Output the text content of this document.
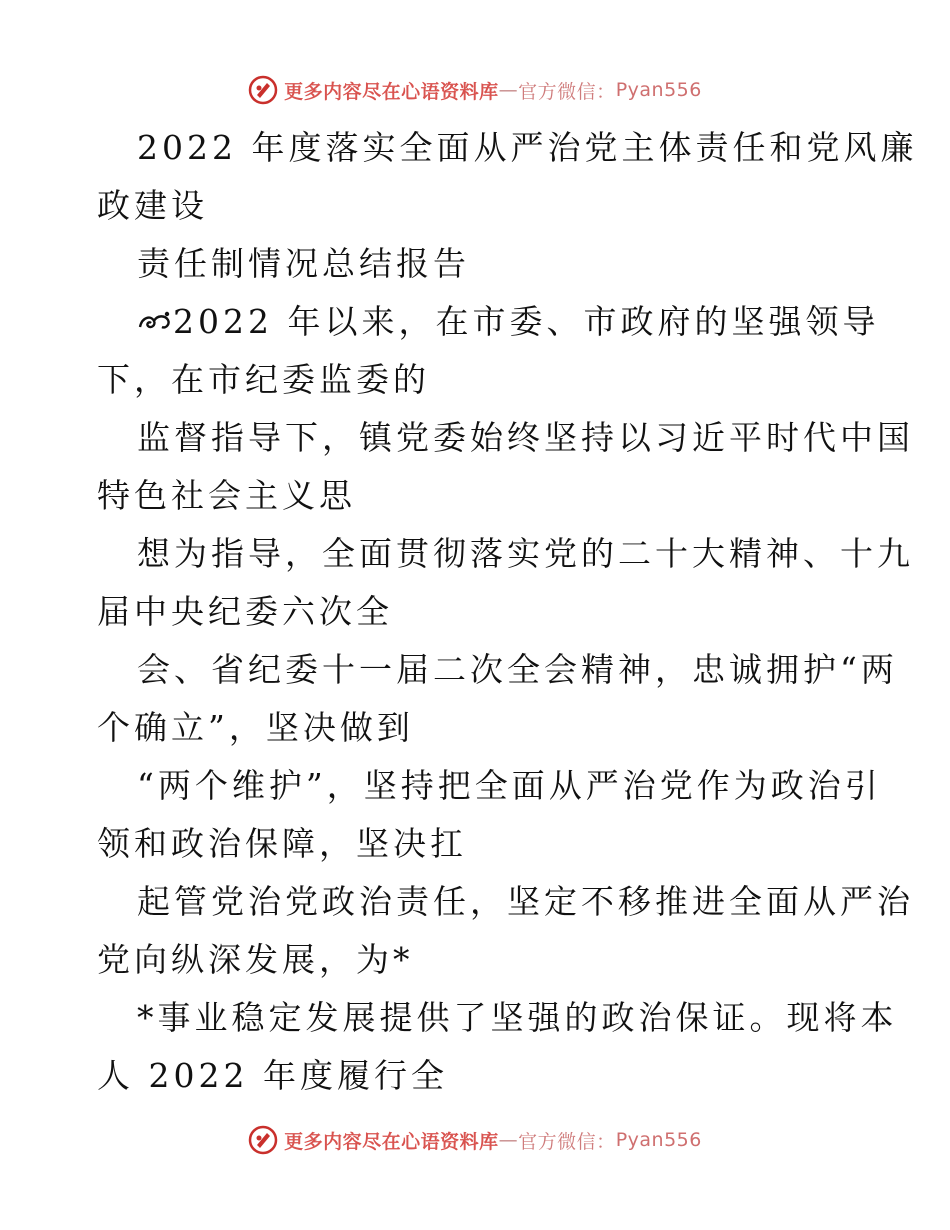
更多内容尽在心语资料库 — 官方微信： Pyan556
2022 年度落实全面从严治党主体责任和党风廉
政建设
责任制情况总结报告
2022 年以来，在市委、市政府的坚强领导
下，在市纪委监委的
监督指导下，镇党委始终坚持以习近平时代中国
特色社会主义思
想为指导，全面贯彻落实党的二十大精神、十九
届中央纪委六次全
会、省纪委十一届二次全会精神，忠诚拥护“两
个确立”，坚决做到
“两个维护”，坚持把全面从严治党作为政治引
领和政治保障，坚决扛
起管党治党政治责任，坚定不移推进全面从严治
党向纵深发展，为*
*事业稳定发展提供了坚强的政治保证。现将本
人 2022 年度履行全
更多内容尽在心语资料库 — 官方微信： Pyan556
